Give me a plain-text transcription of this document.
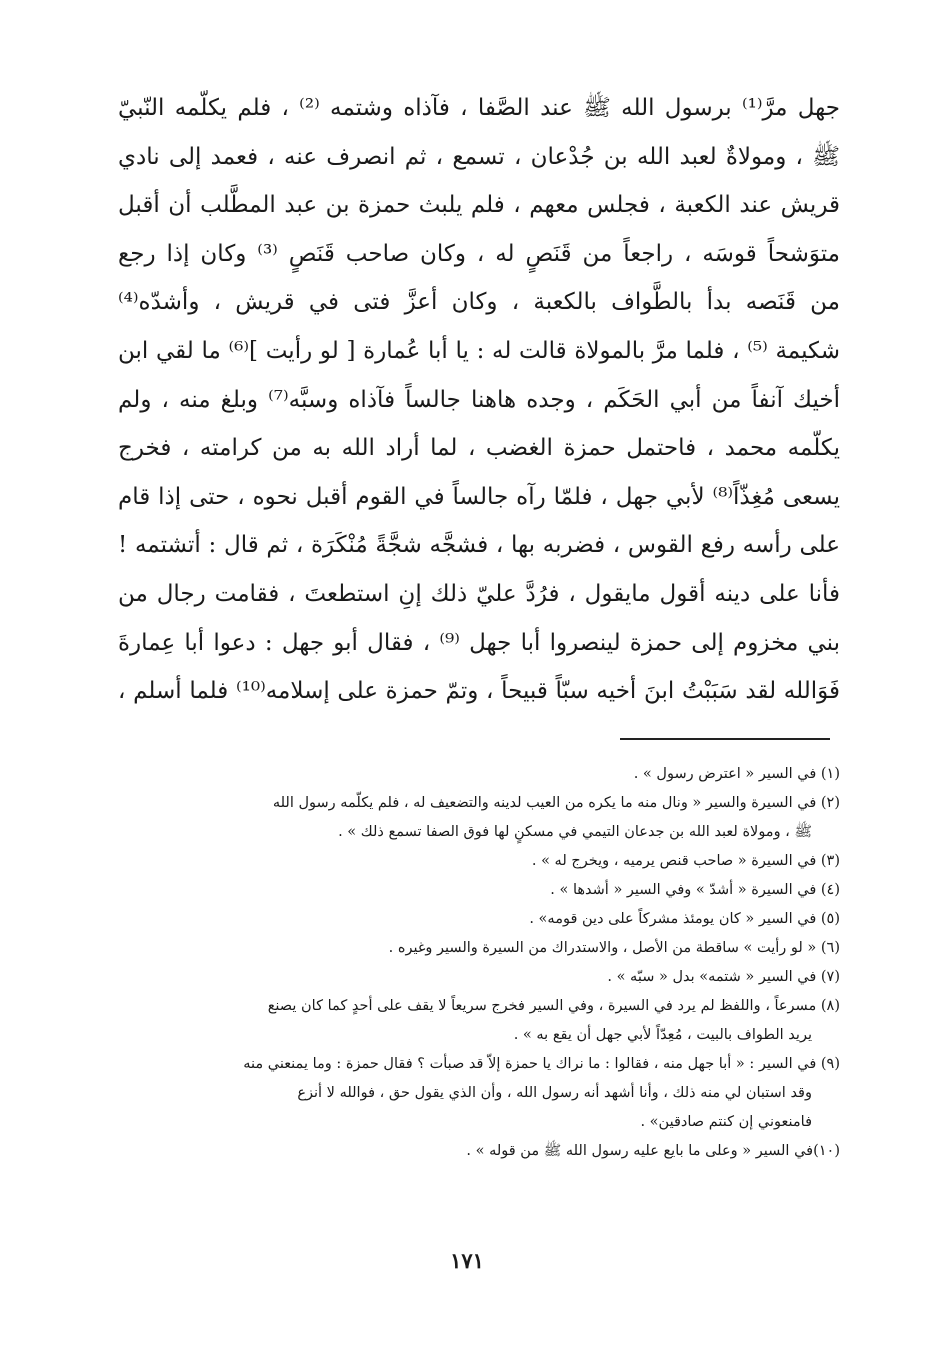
جهل مرَّ⁽¹⁾ برسول الله ﷺ عند الصَّفا ، فآذاه وشتمه ⁽²⁾ ، فلم يكلّمه النّبيّ
ﷺ ، ومولاةٌ لعبد الله بن جُدْعان ، تسمع ، ثم انصرف عنه ، فعمد إلى نادي
قريش عند الكعبة ، فجلس معهم ، فلم يلبث حمزة بن عبد المطَّلب أن أقبل
متوَشحاً قوسَه ، راجعاً من قَنَصٍ له ، وكان صاحب قَنَصٍ ⁽³⁾ وكان إذا رجع
من قَنَصه بدأ بالطَّواف بالكعبة ، وكان أعزَّ فتى في قريش ، وأشدّه⁽⁴⁾
شكيمة ⁽⁵⁾ ، فلما مرَّ بالمولاة قالت له : يا أبا عُمارة [ لو رأيت ]⁽⁶⁾ ما لقي ابن
أخيك آنفاً من أبي الحَكَم ، وجده هاهنا جالساً فآذاه وسبَّه⁽⁷⁾ وبلغ منه ، ولم
يكلّمه محمد ، فاحتمل حمزة الغضب ، لما أراد الله به من كرامته ، فخرج
يسعى مُغِذّاً⁽⁸⁾ لأبي جهل ، فلمّا رآه جالساً في القوم أقبل نحوه ، حتى إذا قام
على رأسه رفع القوس ، فضربه بها ، فشجَّه شجَّةً مُنْكَرَة ، ثم قال : أتشتمه !
فأنا على دينه أقول مايقول ، فرُدَّ عليّ ذلك إنِ استطعتَ ، فقامت رجال من
بني مخزوم إلى حمزة لينصروا أبا جهل ⁽⁹⁾ ، فقال أبو جهل : دعوا أبا عِمارةَ
فَوَالله لقد سَبَبْتُ ابنَ أخيه سبّاً قبيحاً ، وتمّ حمزة على إسلامه⁽¹⁰⁾ فلما أسلم ،
(١) في السير « اعترض رسول » .
(٢) في السيرة والسير « ونال منه ما يكره من العيب لدينه والتضعيف له ، فلم يكلّمه رسول الله
ﷺ ، ومولاة لعبد الله بن جدعان التيمي في مسكنٍ لها فوق الصفا تسمع ذلك » .
(٣) في السيرة « صاحب قنص يرميه ، ويخرج له » .
(٤) في السيرة « أشدّ » وفي السير « أشدها » .
(٥) في السير « كان يومئذ مشركاً على دين قومه» .
(٦) « لو رأيت » ساقطة من الأصل ، والاستدراك من السيرة والسير وغيره .
(٧) في السير « شتمه» بدل « سبّه » .
(٨) مسرعاً ، واللفظ لم يرد في السيرة ، وفي السير فخرج سريعاً لا يقف على أحدٍ كما كان يصنع
يريد الطواف بالبيت ، مُعِدّاً لأبي جهل أن يقع به » .
(٩) في السير : « أبا جهل منه ، فقالوا : ما نراك يا حمزة إلاّ قد صبأت ؟ فقال حمزة : وما يمنعني منه
وقد استبان لي منه ذلك ، وأنا أشهد أنه رسول الله ، وأن الذي يقول حق ، فوالله لا أنزع
فامنعوني إن كنتم صادقين» .
(١٠)في السير « وعلى ما بايع عليه رسول الله ﷺ من قوله » .
١٧١
